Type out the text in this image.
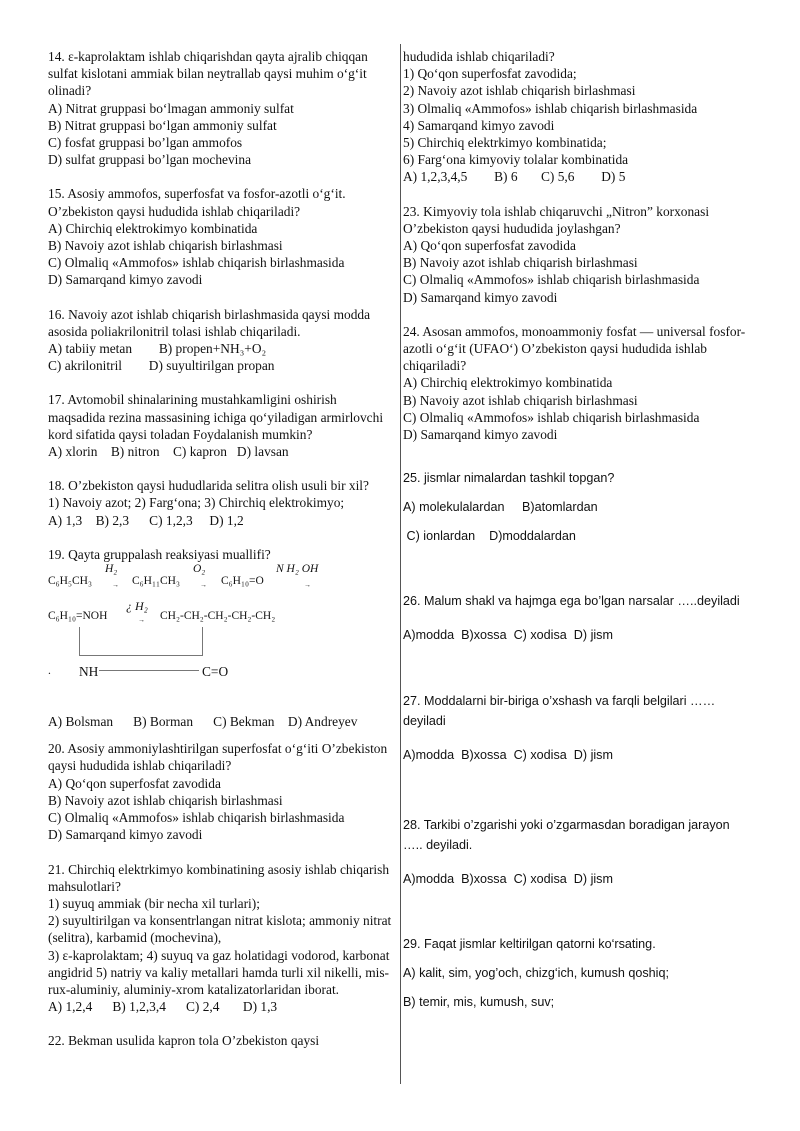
14. ε-kaprolaktam ishlab chiqarishdan qayta ajralib chiqqan sulfat kislotani ammiak bilan neytrallab qaysi muhim o‘g‘it olinadi?
A) Nitrat gruppasi bo‘lmagan ammoniy sulfat
B) Nitrat gruppasi bo‘lgan ammoniy sulfat
C) fosfat gruppasi bo’lgan ammofos
D) sulfat gruppasi bo’lgan mochevina
15. Asosiy ammofos, superfosfat va fosfor-azotli o‘g‘it. O’zbekiston qaysi hududida ishlab chiqariladi?
A) Chirchiq elektrokimyo kombinatida
B) Navoiy azot ishlab chiqarish birlashmasi
C) Olmaliq «Ammofos» ishlab chiqarish birlashmasida
D) Samarqand kimyo zavodi
16. Navoiy azot ishlab chiqarish birlashmasida qaysi modda asosida poliakrilonitril tolasi ishlab chiqariladi.
A) tabiiy metan        B) propen+NH₃+O₂
C) akrilonitril        D) suyultirilgan propan
17. Avtomobil shinalarining mustahkamligini oshirish maqsadida rezina massasining ichiga qo‘yiladigan armirlovchi kord sifatida qaysi toladan Foydalanish mumkin?
A) xlorin    B) nitron    C) kapron   D) lavsan
18. O’zbekiston qaysi hududlarida selitra olish usuli bir xil?
1) Navoiy azot; 2) Farg‘ona; 3) Chirchiq elektrokimyo;
A) 1,3    B) 2,3      C) 1,2,3     D) 1,2
19. Qayta gruppalash reaksiyasi muallifi?
C₆H₅CH₃
H₂
→ C₆H₁₁CH₃
O₂
→ C₆H₁₀=O
N H₂ OH
→
C₆H₁₀=NOH
¿ H₂
→ CH₂-CH₂-CH₂-CH₂-CH₂
. NH	C=O
A) Bolsman      B) Borman      C) Bekman    D) Andreyev
20. Asosiy ammoniylashtirilgan superfosfat o‘g‘iti O’zbekiston qaysi hududida ishlab chiqariladi?
A) Qo‘qon superfosfat zavodida
B) Navoiy azot ishlab chiqarish birlashmasi
C) Olmaliq «Ammofos» ishlab chiqarish birlashmasida
D) Samarqand kimyo zavodi
21. Chirchiq elektrkimyo kombinatining asosiy ishlab chiqarish mahsulotlari?
1) suyuq ammiak (bir necha xil turlari);
2) suyultirilgan va konsentrlangan nitrat kislota; ammoniy nitrat (selitra), karbamid (mochevina),
3) ε-kaprolaktam; 4) suyuq va gaz holatidagi vodorod, karbonat angidrid 5) natriy va kaliy metallari hamda turli xil nikelli, mis-rux-aluminiy, aluminiy-xrom katalizatorlaridan iborat.
A) 1,2,4      B) 1,2,3,4      C) 2,4       D) 1,3
22. Bekman usulida kapron tola O’zbekiston qaysi
hududida ishlab chiqariladi?
1) Qo‘qon superfosfat zavodida;
2) Navoiy azot ishlab chiqarish birlashmasi
3) Olmaliq «Ammofos» ishlab chiqarish birlashmasida
4) Samarqand kimyo zavodi
5) Chirchiq elektrkimyo kombinatida;
6) Farg‘ona kimyoviy tolalar kombinatida
A) 1,2,3,4,5        B) 6       C) 5,6        D) 5
23. Kimyoviy tola ishlab chiqaruvchi „Nitron” korxonasi O’zbekiston qaysi hududida joylashgan?
A) Qo‘qon superfosfat zavodida
B) Navoiy azot ishlab chiqarish birlashmasi
C) Olmaliq «Ammofos» ishlab chiqarish birlashmasida
D) Samarqand kimyo zavodi
24. Asosan ammofos, monoammoniy fosfat — universal fosfor-azotli o‘g‘it (UFAO‘) O’zbekiston qaysi hududida ishlab chiqariladi?
A) Chirchiq elektrokimyo kombinatida
B) Navoiy azot ishlab chiqarish birlashmasi
C) Olmaliq «Ammofos» ishlab chiqarish birlashmasida
D) Samarqand kimyo zavodi
25. jismlar nimalardan tashkil topgan?
A) molekulalardan     B)atomlardan
C) ionlardan    D)moddalardan
26. Malum shakl va hajmga ega bo’lgan narsalar …..deyiladi
A)modda  B)xossa  C) xodisa  D) jism
27. Moddalarni bir-biriga o’xshash va farqli belgilari …… deyiladi
A)modda  B)xossa  C) xodisa  D) jism
28. Tarkibi o’zgarishi yoki o’zgarmasdan boradigan jarayon ….. deyiladi.
A)modda  B)xossa  C) xodisa  D) jism
29. Faqat jismlar keltirilgan qatorni ko‘rsating.
A) kalit, sim, yog’och, chizg‘ich, kumush qoshiq;
B) temir, mis, kumush, suv;
